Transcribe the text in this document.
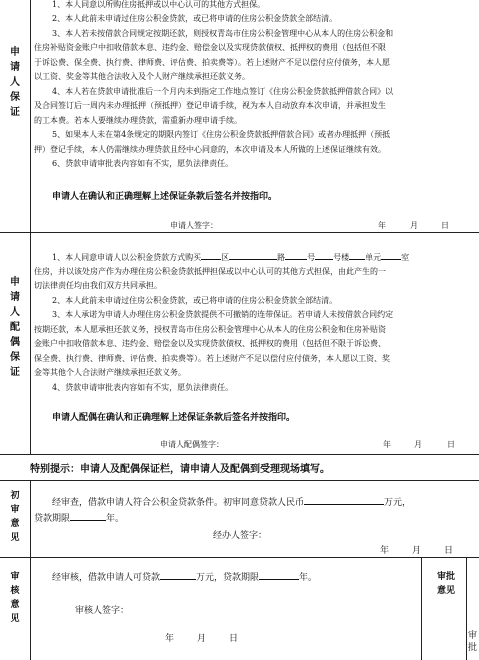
申
请
人
保
证
1、本人同意以所购住房抵押或以中心认可的其他方式担保。
2、本人此前未申请过住房公积金贷款，或已将申请的住房公积金贷款全部结清。
3、本人若未按借款合同规定按期还款，则授权青岛市住房公积金管理中心从本人的住房公积金和
住房补贴资金账户中扣收借款本息、违约金、赔偿金以及实现贷款债权、抵押权的费用（包括但不限
于诉讼费、保全费、执行费、律师费、评估费、拍卖费等）。若上述财产不足以偿付应付债务，本人愿
以工资、奖金等其他合法收入及个人财产继续承担还款义务。
4、本人若在贷款申请批准后一个月内未到指定工作地点签订《住房公积金贷款抵押借款合同》以
及合同签订后一周内未办理抵押（预抵押）登记申请手续，视为本人自动放弃本次申请，并承担发生
的工本费。若本人要继续办理贷款，需重新办理申请手续。
5、如果本人未在第4条规定的期限内签订《住房公积金贷款抵押借款合同》或者办理抵押（预抵
押）登记手续，本人仍需继续办理贷款且经中心同意的，本次申请及本人所做的上述保证继续有效。
6、贷款申请审批表内容如有不实，愿负法律责任。
申请人在确认和正确理解上述保证条款后签名并按指印。
申请人签字：	年	月	日
申
请
人
配
偶
保
证
1、本人同意申请人以公积金贷款方式购买	区	路	号 号楼 单元	室
住房，并以该处房产作为办理住房公积金贷款抵押担保或以中心认可的其他方式担保，由此产生的一
切法律责任均由我们双方共同承担。
2、本人此前未申请过住房公积金贷款，或已将申请的住房公积金贷款全部结清。
3、本人承诺为申请人办理住房公积金贷款提供不可撤销的连带保证。若申请人未按借款合同约定
按期还款，本人愿承担还款义务，授权青岛市住房公积金管理中心从本人的住房公积金和住房补贴资
金账户中扣收借款本息、违约金、赔偿金以及实现贷款债权、抵押权的费用（包括但不限于诉讼费、
保全费、执行费、律师费、评估费、拍卖费等）。若上述财产不足以偿付应付债务，本人愿以工资、奖
金等其他个人合法财产继续承担还款义务。
4、贷款申请审批表内容如有不实，愿负法律责任。
申请人配偶在确认和正确理解上述保证条款后签名并按指印。
申请人配偶签字：	年	月	日
特别提示：申请人及配偶保证栏，请申请人及配偶到受理现场填写。
初
审
意
见
经审查，借款申请人符合公积金贷款条件。初审同意贷款人民币	万元，
贷款期限	年。
经办人签字：
年	月	日
审
核
意
见
经审核，借款申请人可贷款	万元，贷款期限	年。
审核人签字：
年	月	日
审批
意见
审
批
